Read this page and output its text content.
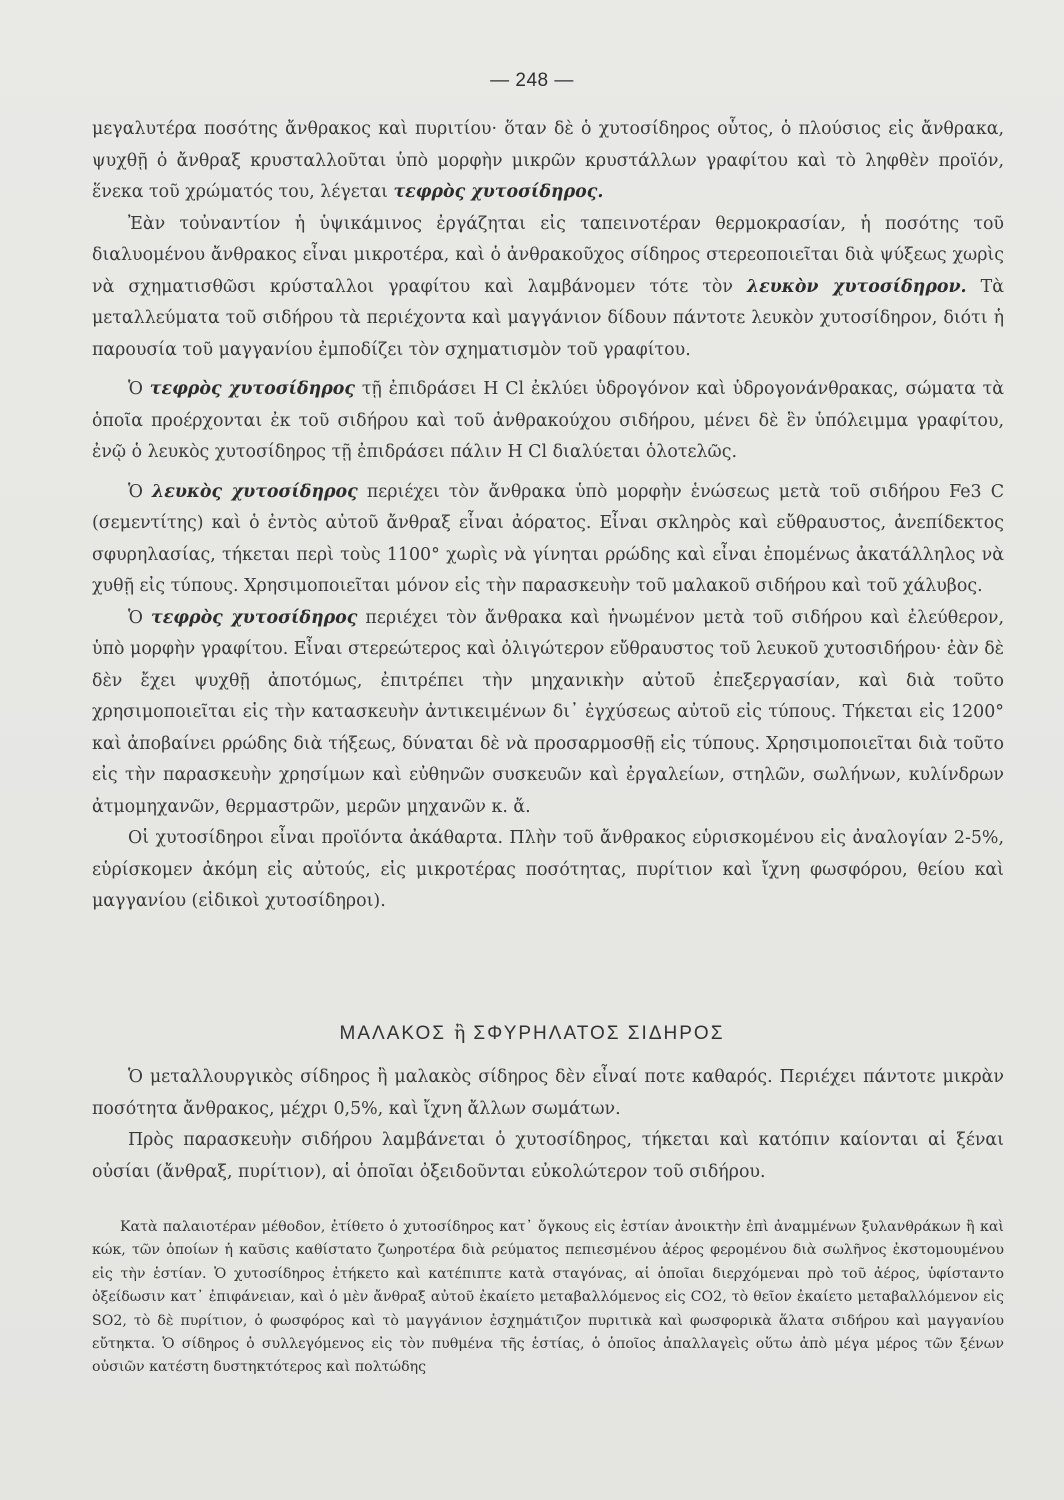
— 248 —

μεγαλυτέρα ποσότης ἄνθρακος καὶ πυριτίου· ὅταν δὲ ὁ χυτοσίδηρος οὗτος, ὁ πλούσιος εἰς ἄνθρακα, ψυχθῇ ὁ ἄνθραξ κρυσταλλοῦται ὑπὸ μορφὴν μικρῶν κρυστάλλων γραφίτου καὶ τὸ ληφθὲν προϊόν, ἕνεκα τοῦ χρώματός του, λέγεται τεφρὸς χυτοσίδηρος.

Ἐὰν τοὐναντίον ἡ ὑψικάμινος ἐργάζηται εἰς ταπεινοτέραν θερμοκρασίαν, ἡ ποσότης τοῦ διαλυομένου ἄνθρακος εἶναι μικροτέρα, καὶ ὁ ἀνθρακοῦχος σίδηρος στερεοποιεῖται διὰ ψύξεως χωρὶς νὰ σχηματισθῶσι κρύσταλλοι γραφίτου καὶ λαμβάνομεν τότε τὸν λευκὸν χυτοσίδηρον. Τὰ μεταλλεύματα τοῦ σιδήρου τὰ περιέχοντα καὶ μαγγάνιον δίδουν πάντοτε λευκὸν χυτοσίδηρον, διότι ἡ παρουσία τοῦ μαγγανίου ἐμποδίζει τὸν σχηματισμὸν τοῦ γραφίτου.

Ὁ τεφρὸς χυτοσίδηρος τῇ ἐπιδράσει H Cl ἐκλύει ὑδρογόνον καὶ ὑδρογονάνθρακας, σώματα τὰ ὁποῖα προέρχονται ἐκ τοῦ σιδήρου καὶ τοῦ ἀνθρακούχου σιδήρου, μένει δὲ ἓν ὑπόλειμμα γραφίτου, ἐνῷ ὁ λευκὸς χυτοσίδηρος τῇ ἐπιδράσει πάλιν H Cl διαλύεται ὁλοτελῶς.

Ὁ λευκὸς χυτοσίδηρος περιέχει τὸν ἄνθρακα ὑπὸ μορφὴν ἑνώσεως μετὰ τοῦ σιδήρου Fe3 C (σεμεντίτης) καὶ ὁ ἐντὸς αὐτοῦ ἄνθραξ εἶναι ἀόρατος. Εἶναι σκληρὸς καὶ εὔθραυστος, ἀνεπίδεκτος σφυρηλασίας, τήκεται περὶ τοὺς 1100° χωρὶς νὰ γίνηται ρρώδης καὶ εἶναι ἐπομένως ἀκατάλληλος νὰ χυθῇ εἰς τύπους. Χρησιμοποιεῖται μόνον εἰς τὴν παρασκευὴν τοῦ μαλακοῦ σιδήρου καὶ τοῦ χάλυβος.

Ὁ τεφρὸς χυτοσίδηρος περιέχει τὸν ἄνθρακα καὶ ἡνωμένον μετὰ τοῦ σιδήρου καὶ ἐλεύθερον, ὑπὸ μορφὴν γραφίτου. Εἶναι στερεώτερος καὶ ὀλιγώτερον εὔθραυστος τοῦ λευκοῦ χυτοσιδήρου· ἐὰν δὲ δὲν ἔχει ψυχθῇ ἀποτόμως, ἐπιτρέπει τὴν μηχανικὴν αὐτοῦ ἐπεξεργασίαν, καὶ διὰ τοῦτο χρησιμοποιεῖται εἰς τὴν κατασκευὴν ἀντικειμένων δι᾽ ἐγχύσεως αὐτοῦ εἰς τύπους. Τήκεται εἰς 1200° καὶ ἀποβαίνει ρρώδης διὰ τήξεως, δύναται δὲ νὰ προσαρμοσθῇ εἰς τύπους. Χρησιμοποιεῖται διὰ τοῦτο εἰς τὴν παρασκευὴν χρησίμων καὶ εὐθηνῶν συσκευῶν καὶ ἐργαλείων, στηλῶν, σωλήνων, κυλίνδρων ἀτμομηχανῶν, θερμαστρῶν, μερῶν μηχανῶν κ. ἄ.

Οἱ χυτοσίδηροι εἶναι προϊόντα ἀκάθαρτα. Πλὴν τοῦ ἄνθρακος εὑρισκομένου εἰς ἀναλογίαν 2-5%, εὑρίσκομεν ἀκόμη εἰς αὐτούς, εἰς μικροτέρας ποσότητας, πυρίτιον καὶ ἴχνη φωσφόρου, θείου καὶ μαγγανίου (εἰδικοὶ χυτοσίδηροι).

ΜΑΛΑΚΟΣ ἢ ΣΦΥΡΗΛΑΤΟΣ ΣΙΔΗΡΟΣ

Ὁ μεταλλουργικὸς σίδηρος ἢ μαλακὸς σίδηρος δὲν εἶναί ποτε καθαρός. Περιέχει πάντοτε μικρὰν ποσότητα ἄνθρακος, μέχρι 0,5%, καὶ ἴχνη ἄλλων σωμάτων.

Πρὸς παρασκευὴν σιδήρου λαμβάνεται ὁ χυτοσίδηρος, τήκεται καὶ κατόπιν καίονται αἱ ξέναι οὐσίαι (ἄνθραξ, πυρίτιον), αἱ ὁποῖαι ὀξειδοῦνται εὐκολώτερον τοῦ σιδήρου.

Κατὰ παλαιοτέραν μέθοδον, ἐτίθετο ὁ χυτοσίδηρος κατ᾽ ὄγκους εἰς ἑστίαν ἀνοικτὴν ἐπὶ ἀναμμένων ξυλανθράκων ἢ καὶ κώκ, τῶν ὁποίων ἡ καῦσις καθίστατο ζωηροτέρα διὰ ρεύματος πεπιεσμένου ἀέρος φερομένου διὰ σωλῆνος ἐκστομουμένου εἰς τὴν ἑστίαν. Ὁ χυτοσίδηρος ἐτήκετο καὶ κατέπιπτε κατὰ σταγόνας, αἱ ὁποῖαι διερχόμεναι πρὸ τοῦ ἀέρος, ὑφίσταντο ὀξείδωσιν κατ᾽ ἐπιφάνειαν, καὶ ὁ μὲν ἄνθραξ αὐτοῦ ἐκαίετο μεταβαλλόμενος εἰς CO2, τὸ θεῖον ἐκαίετο μεταβαλλόμενον εἰς SO2, τὸ δὲ πυρίτιον, ὁ φωσφόρος καὶ τὸ μαγγάνιον ἐσχημάτιζον πυριτικὰ καὶ φωσφορικὰ ἅλατα σιδήρου καὶ μαγγανίου εὔτηκτα. Ὁ σίδηρος ὁ συλλεγόμενος εἰς τὸν πυθμένα τῆς ἑστίας, ὁ ὁποῖος ἀπαλλαγεὶς οὕτω ἀπὸ μέγα μέρος τῶν ξένων οὐσιῶν κατέστη δυστηκτότερος καὶ πολτώδης
